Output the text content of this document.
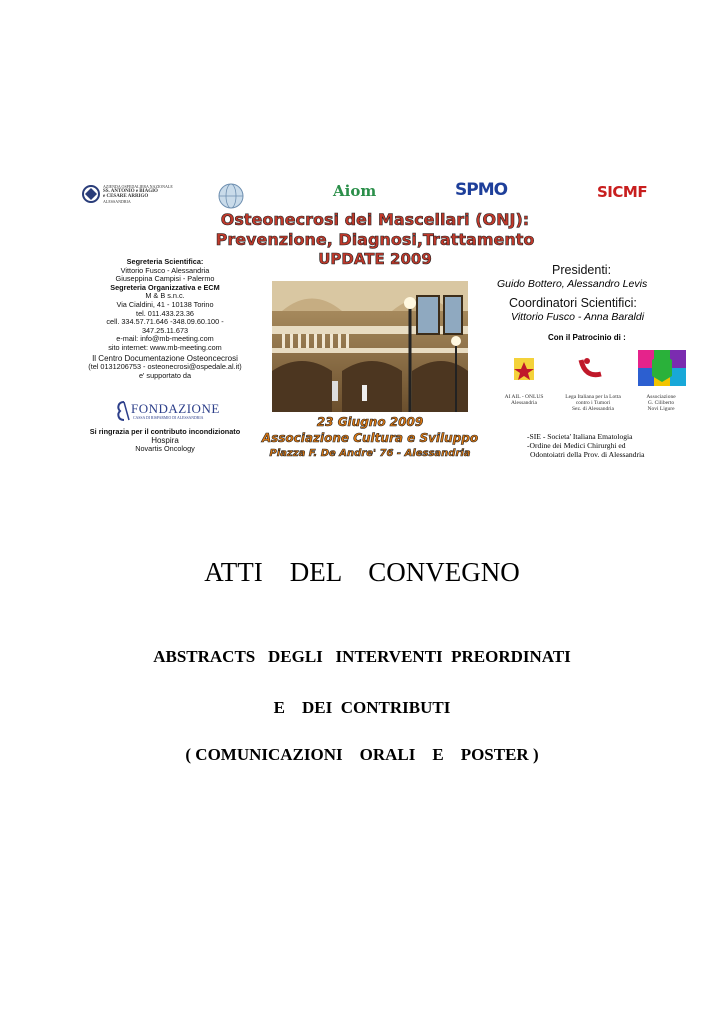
AZIENDA OSPEDALIERA NAZIONALE
SS. ANTONIO e BIAGIO
e CESARE ARRIGO
ALESSANDRIA
Aiom	SPMO	SICMF
Osteonecrosi dei Mascellari (ONJ):
Prevenzione, Diagnosi,Trattamento
UPDATE 2009
Segreteria Scientifica:
Vittorio Fusco - Alessandria
Giuseppina Campisi - Palermo
Segreteria Organizzativa e ECM
M & B s.n.c.
Via Cialdini, 41 - 10138 Torino
tel. 011.433.23.36
cell. 334.57.71.646 -348.09.60.100 -
347.25.11.673
e-mail: info@mb-meeting.com
sito internet: www.mb-meeting.com
Il Centro Documentazione Osteoncecrosi
(tel 0131206753 - osteonecrosi@ospedale.al.it)
e' supportato da
FONDAZIONE
CASSA DI RISPARMIO DI ALESSANDRIA
Si ringrazia per il contributo incondizionato
Hospira
Novartis Oncology
23 Giugno 2009
Associazione Cultura e Sviluppo
Piazza F. De Andre' 76 - Alessandria
Presidenti:
Guido Bottero, Alessandro Levis
Coordinatori Scientifici:
Vittorio Fusco - Anna Baraldi
Con il Patrocinio di :
AI AIL - ONLUS
Alessandria
Lega Italiana per la Lotta
contro i Tumori
Sez. di Alessandria
Associazione
G. Ciliberto
Novi Ligure
-SIE - Societa' Italiana Ematologia
-Ordine dei Medici Chirurghi ed
Odontoiatri della Prov. di Alessandria
ATTI    DEL    CONVEGNO
ABSTRACTS   DEGLI   INTERVENTI  PREORDINATI
E    DEI  CONTRIBUTI
( COMUNICAZIONI    ORALI    E    POSTER )
